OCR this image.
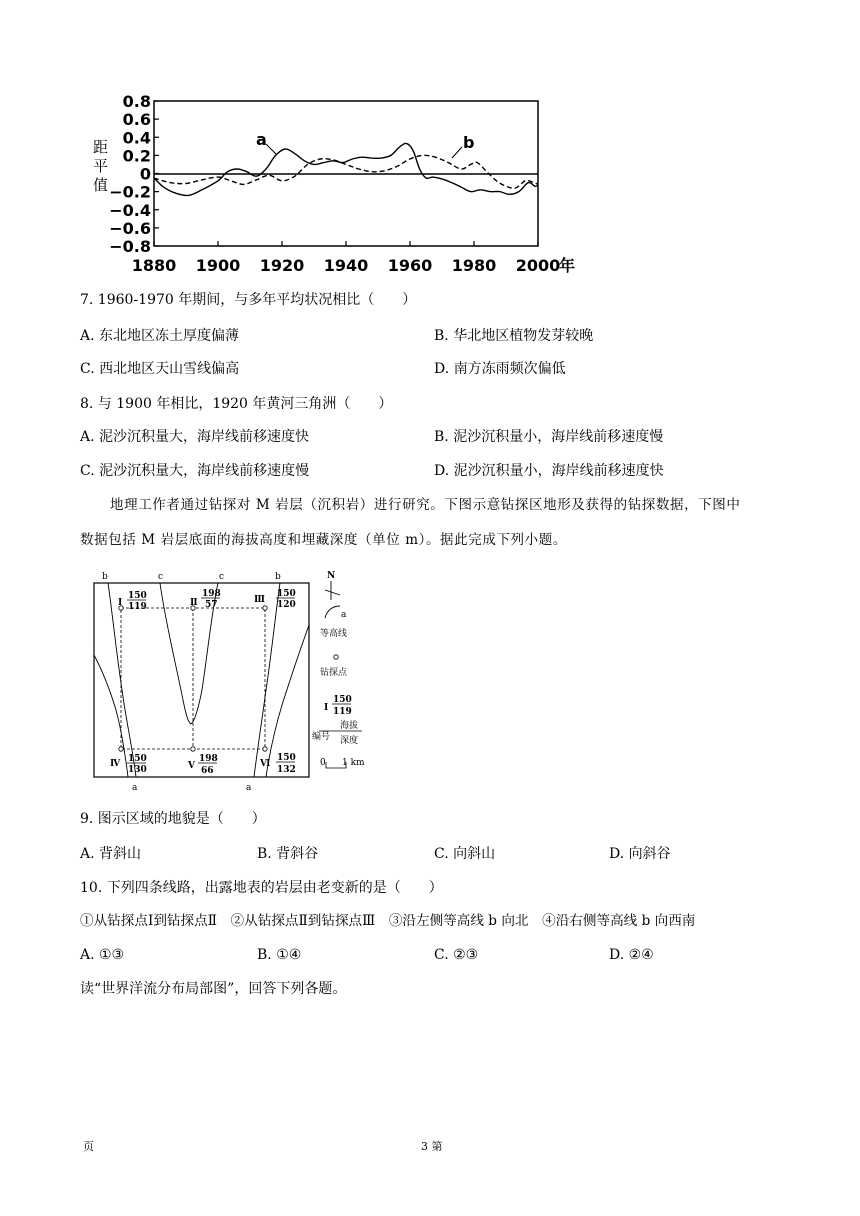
距
平
值
0.8
0.6
0.4
0.2
0
−0.2
−0.4
−0.6
−0.8
1880 1900 1920 1940 1960 1980 2000
年
a	b
7. 1960-1970 年期间，与多年平均状况相比（　　）
A. 东北地区冻土厚度偏薄	B. 华北地区植物发芽较晚
C. 西北地区天山雪线偏高	D. 南方冻雨频次偏低
8. 与 1900 年相比，1920 年黄河三角洲（　　）
A. 泥沙沉积量大，海岸线前移速度快	B. 泥沙沉积量小，海岸线前移速度慢
C. 泥沙沉积量大，海岸线前移速度慢	D. 泥沙沉积量小，海岸线前移速度快
地理工作者通过钻探对 M 岩层（沉积岩）进行研究。下图示意钻探区地形及获得的钻探数据，下图中
数据包括 M 岩层底面的海拔高度和埋藏深度（单位 m）。据此完成下列小题。
b	c	c	b
a	a
Ⅰ
150
119	Ⅱ
198
57	Ⅲ
150
120
Ⅳ 150
130	Ⅴ
198
66
Ⅵ
150
132
N
a
等高线
钻探点
Ⅰ
150
119
海拔
编号 深度
0 1 km
9. 图示区域的地貌是（　　）
A. 背斜山	B. 背斜谷	C. 向斜山	D. 向斜谷
10. 下列四条线路，出露地表的岩层由老变新的是（　　）
①从钻探点Ⅰ到钻探点Ⅱ　②从钻探点Ⅱ到钻探点Ⅲ　③沿左侧等高线 b 向北　④沿右侧等高线 b 向西南
A. ①③	B. ①④	C. ②③	D. ②④
读“世界洋流分布局部图”，回答下列各题。
页	3 第
